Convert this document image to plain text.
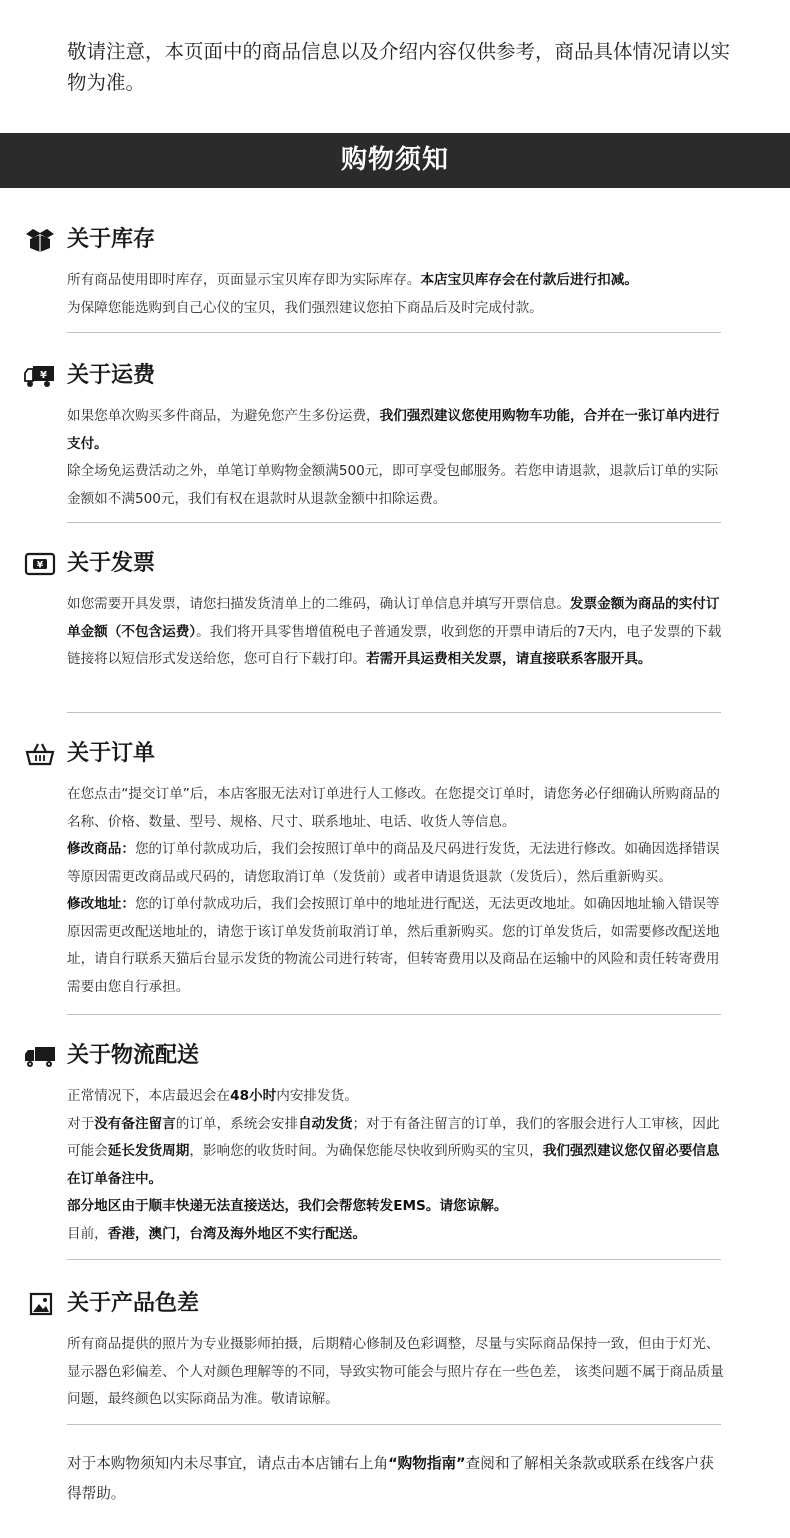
敬请注意，本页面中的商品信息以及介绍内容仅供参考，商品具体情况请以实物为准。

购物须知
关于库存

所有商品使用即时库存，页面显示宝贝库存即为实际库存。本店宝贝库存会在付款后进行扣减。

为保障您能选购到自己心仪的宝贝，我们强烈建议您拍下商品后及时完成付款。

¥ 关于运费

如果您单次购买多件商品，为避免您产生多份运费，我们强烈建议您使用购物车功能，合并在一张订单内进行支付。

除全场免运费活动之外，单笔订单购物金额满500元，即可享受包邮服务。若您申请退款，退款后订单的实际金额如不满500元，我们有权在退款时从退款金额中扣除运费。

¥ 关于发票

如您需要开具发票，请您扫描发货清单上的二维码，确认订单信息并填写开票信息。发票金额为商品的实付订单金额（不包含运费）。我们将开具零售增值税电子普通发票，收到您的开票申请后的7天内，电子发票的下载链接将以短信形式发送给您，您可自行下载打印。若需开具运费相关发票，请直接联系客服开具。

关于订单

在您点击“提交订单”后，本店客服无法对订单进行人工修改。在您提交订单时，请您务必仔细确认所购商品的名称、价格、数量、型号、规格、尺寸、联系地址、电话、收货人等信息。

修改商品：您的订单付款成功后，我们会按照订单中的商品及尺码进行发货，无法进行修改。如确因选择错误等原因需更改商品或尺码的，请您取消订单（发货前）或者申请退货退款（发货后），然后重新购买。

修改地址：您的订单付款成功后，我们会按照订单中的地址进行配送，无法更改地址。如确因地址输入错误等原因需更改配送地址的，请您于该订单发货前取消订单，然后重新购买。您的订单发货后，如需要修改配送地址，请自行联系天猫后台显示发货的物流公司进行转寄，但转寄费用以及商品在运输中的风险和责任转寄费用需要由您自行承担。

关于物流配送

正常情况下，本店最迟会在48小时内安排发货。

对于没有备注留言的订单，系统会安排自动发货；对于有备注留言的订单，我们的客服会进行人工审核，因此可能会延长发货周期，影响您的收货时间。为确保您能尽快收到所购买的宝贝，我们强烈建议您仅留必要信息在订单备注中。

部分地区由于顺丰快递无法直接送达，我们会帮您转发EMS。请您谅解。

目前，香港，澳门，台湾及海外地区不实行配送。

关于产品色差

所有商品提供的照片为专业摄影师拍摄，后期精心修制及色彩调整，尽量与实际商品保持一致，但由于灯光、显示器色彩偏差、个人对颜色理解等的不同，导致实物可能会与照片存在一些色差， 该类问题不属于商品质量问题，最终颜色以实际商品为准。敬请谅解。

对于本购物须知内未尽事宜，请点击本店铺右上角“购物指南”查阅和了解相关条款或联系在线客户获得帮助。
